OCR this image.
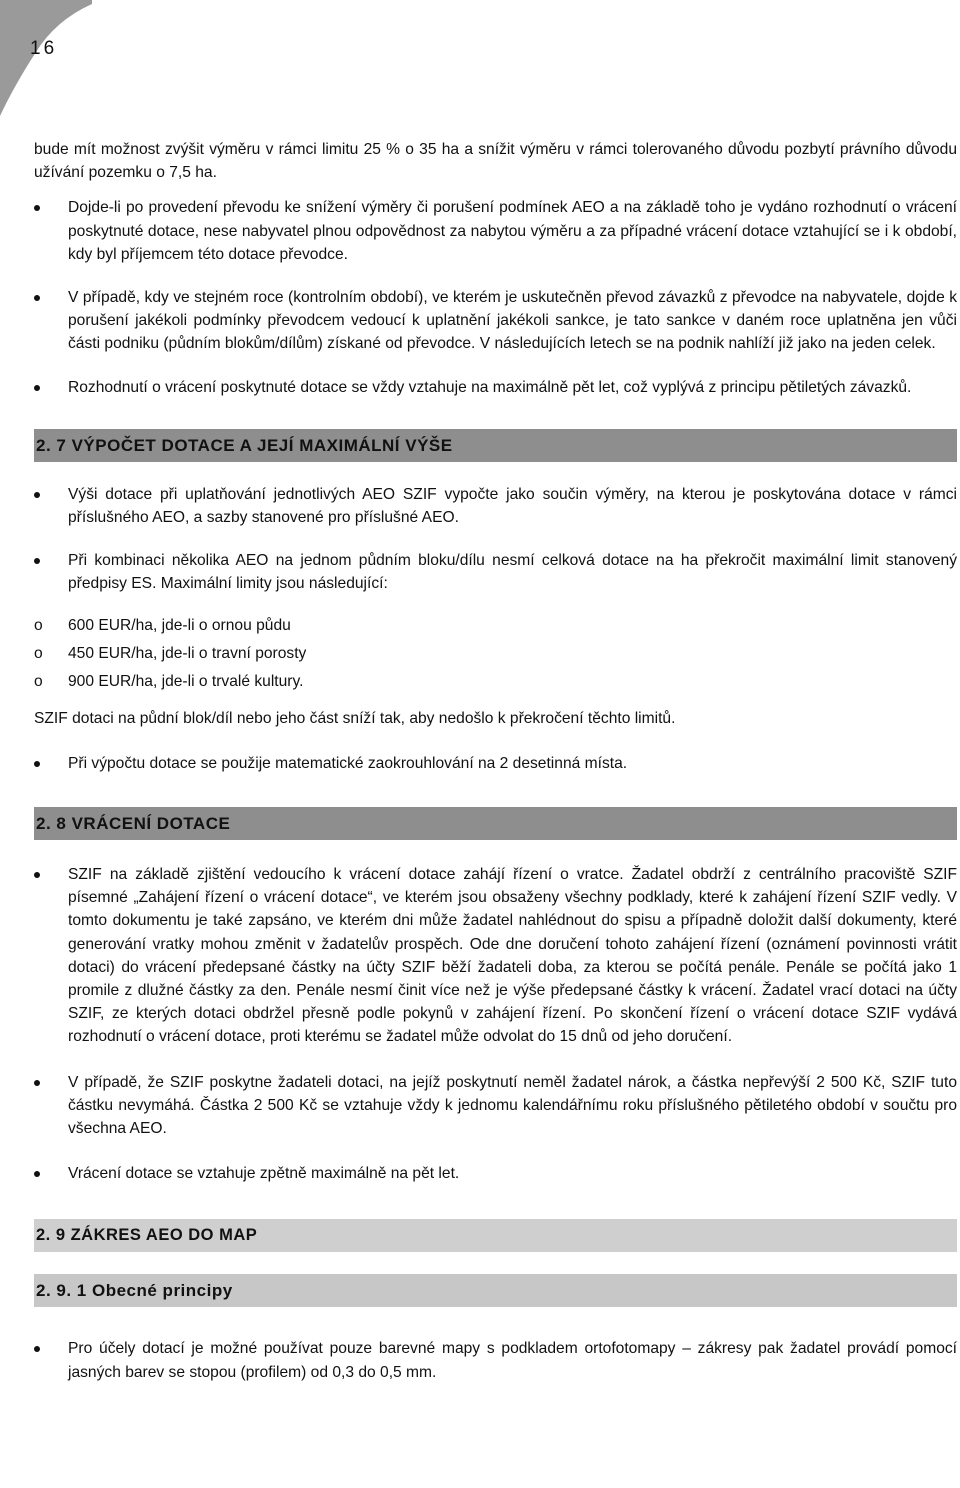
16

bude mít možnost zvýšit výměru v rámci limitu 25 % o 35 ha a snížit výměru v rámci tolerovaného důvodu pozbytí právního důvodu užívání pozemku o 7,5 ha.

Dojde-li po provedení převodu ke snížení výměry či porušení podmínek AEO a na základě toho je vydáno rozhodnutí o vrácení poskytnuté dotace, nese nabyvatel plnou odpovědnost za nabytou výměru a za případné vrácení dotace vztahující se i k období, kdy byl příjemcem této dotace převodce.
V případě, kdy ve stejném roce (kontrolním období), ve kterém je uskutečněn převod závazků z převodce na nabyvatele, dojde k porušení jakékoli podmínky převodcem vedoucí k uplatnění jakékoli sankce, je tato sankce v daném roce uplatněna jen vůči části podniku (půdním blokům/dílům) získané od převodce. V následujících letech se na podnik nahlíží již jako na jeden celek.
Rozhodnutí o vrácení poskytnuté dotace se vždy vztahuje na maximálně pět let, což vyplývá z principu pětiletých závazků.
2. 7 VÝPOČET DOTACE A JEJÍ MAXIMÁLNÍ VÝŠE
Výši dotace při uplatňování jednotlivých AEO SZIF vypočte jako součin výměry, na kterou je poskytována dotace v rámci příslušného AEO, a sazby stanovené pro příslušné AEO.
Při kombinaci několika AEO na jednom půdním bloku/dílu nesmí celková dotace na ha překročit maximální limit stanovený předpisy ES. Maximální limity jsou následující:
o 600 EUR/ha, jde-li o ornou půdu
o 450 EUR/ha, jde-li o travní porosty
o 900 EUR/ha, jde-li o trvalé kultury.

SZIF dotaci na půdní blok/díl nebo jeho část sníží tak, aby nedošlo k překročení těchto limitů.

Při výpočtu dotace se použije matematické zaokrouhlování na 2 desetinná místa.
2. 8 VRÁCENÍ DOTACE
SZIF na základě zjištění vedoucího k vrácení dotace zahájí řízení o vratce. Žadatel obdrží z centrálního pracoviště SZIF písemné „Zahájení řízení o vrácení dotace“, ve kterém jsou obsaženy všechny podklady, které k zahájení řízení SZIF vedly. V tomto dokumentu je také zapsáno, ve kterém dni může žadatel nahlédnout do spisu a případně doložit další dokumenty, které generování vratky mohou změnit v žadatelův prospěch. Ode dne doručení tohoto zahájení řízení (oznámení povinnosti vrátit dotaci) do vrácení předepsané částky na účty SZIF běží žadateli doba, za kterou se počítá penále. Penále se počítá jako 1 promile z dlužné částky za den. Penále nesmí činit více než je výše předepsané částky k vrácení. Žadatel vrací dotaci na účty SZIF, ze kterých dotaci obdržel přesně podle pokynů v zahájení řízení. Po skončení řízení o vrácení dotace SZIF vydává rozhodnutí o vrácení dotace, proti kterému se žadatel může odvolat do 15 dnů od jeho doručení.
V případě, že SZIF poskytne žadateli dotaci, na jejíž poskytnutí neměl žadatel nárok, a částka nepřevýší 2 500 Kč, SZIF tuto částku nevymáhá. Částka 2 500 Kč se vztahuje vždy k jednomu kalendářnímu roku příslušného pětiletého období v součtu pro všechna AEO.
Vrácení dotace se vztahuje zpětně maximálně na pět let.
2. 9 ZÁKRES AEO DO MAP
2. 9. 1 Obecné principy
Pro účely dotací je možné používat pouze barevné mapy s podkladem ortofotomapy – zákresy pak žadatel provádí pomocí jasných barev se stopou (profilem) od 0,3 do 0,5 mm.
